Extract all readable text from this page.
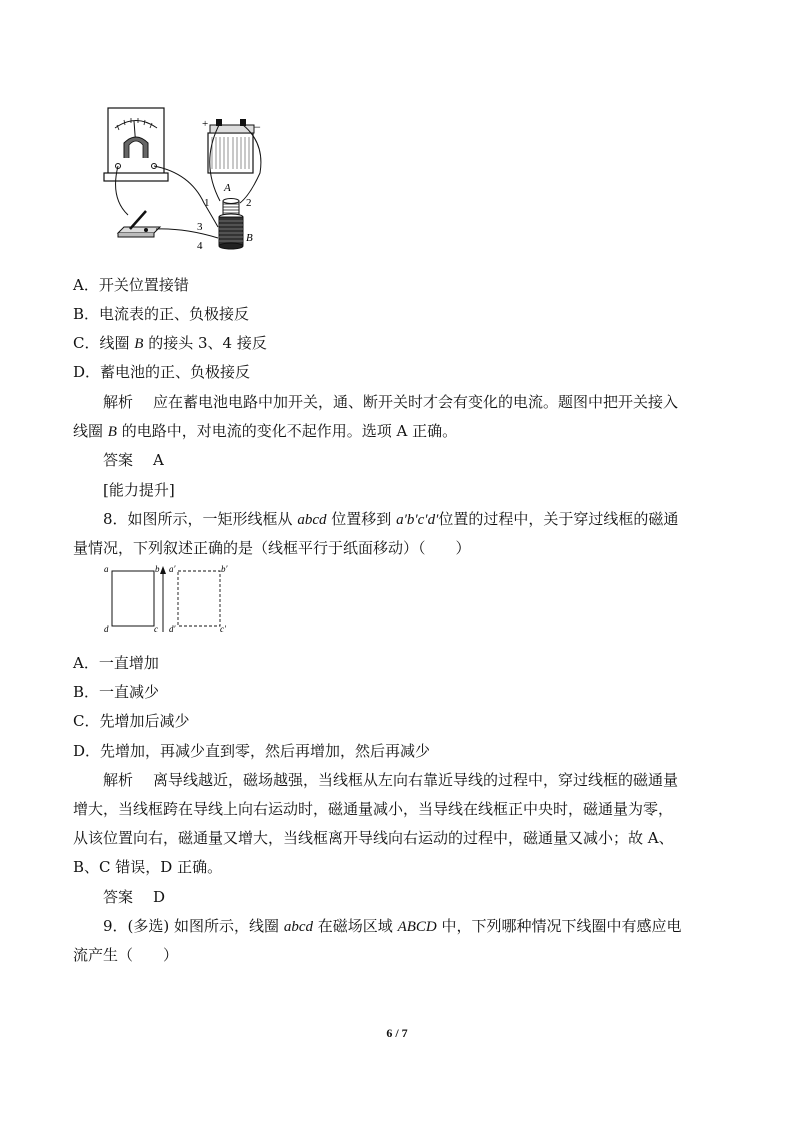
+	−
A
1	2
3
4
B
A．开关位置接错
B．电流表的正、负极接反
C．线圈 B 的接头 3、4 接反
D．蓄电池的正、负极接反
解析 应在蓄电池电路中加开关，通、断开关时才会有变化的电流。题图中把开关接入
线圈 B 的电路中，对电流的变化不起作用。选项 A 正确。
答案 A
[能力提升]
8．如图所示，一矩形线框从 abcd 位置移到 a′b′c′d′位置的过程中，关于穿过线框的磁通
量情况，下列叙述正确的是（线框平行于纸面移动）（　　）
a	b
d	c
a′	b′
d′	c′
A．一直增加
B．一直减少
C．先增加后减少
D．先增加，再减少直到零，然后再增加，然后再减少
解析 离导线越近，磁场越强，当线框从左向右靠近导线的过程中，穿过线框的磁通量
增大，当线框跨在导线上向右运动时，磁通量减小，当导线在线框正中央时，磁通量为零，
从该位置向右，磁通量又增大，当线框离开导线向右运动的过程中，磁通量又减小；故 A、
B、C 错误，D 正确。
答案 D
9．(多选) 如图所示，线圈 abcd 在磁场区域 ABCD 中，下列哪种情况下线圈中有感应电
流产生（　　）
6 / 7
